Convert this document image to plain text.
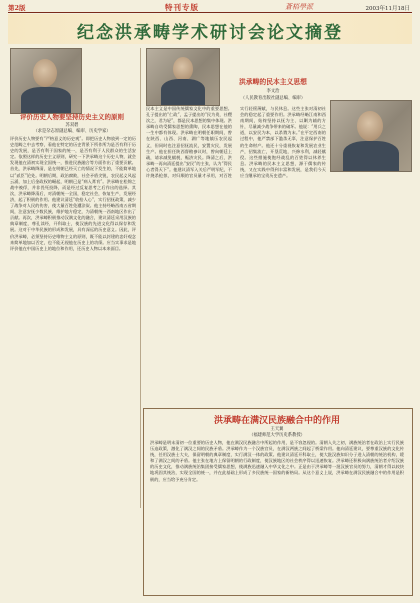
第2版	特刊专版	蒼梧學派	2003年11月18日
纪念洪承畴学术研讨会论文摘登
评价历史人物要坚持历史主义的原则
苏双碧
（求是杂志原副总编、编审、历史学家）
评价历史人物要有“严格意义的历史观”。即把历史人物放到一定的历史范畴之中去考察，看他在特定的历史背景下所作所为是否有利于历史的发展，是否有利于国家的统一，是否有利于人民群众的生活安定。依照这样的历史主义原则，研究一下洪承畴这个历史人物，就会发现他在清初实现全国统一，推进民族融合等方面作出了重要贡献。首先，洪承畴降清，是在明朝已经灭亡的情况下发生的，不能简单地以“贰臣”论处。明朝后期，政治腐败，社会矛盾尖锐，农民起义风起云涌，加上后金政权的崛起，明朝已是“病入膏肓”。洪承畴在松锦之战中被俘，并非畏死投降，而是经过反复思考之后作出的选择。其次，洪承畴降清后，对清朝统一全国，稳定社会，恢复生产，发展经济，起了积极的作用。他建议清廷“收拾人心”，实行招抚政策，减少了战争对人民的伤害，使大量百姓免遭涂炭。他主持经略西南五省期间，注意安抚少数民族，维护地方稳定，为清朝统一西南地区作出了贡献。再次，洪承畴积极推动汉满文化的融合，建议清廷采用汉族的典章制度，尊孔读经，开科取士，使汉族的先进文化得以保存和发展。这对于中华民族的形成和发展，具有深远的历史意义。因此，评价洪承畴，必须坚持历史唯物主义的原则，既不能以封建的忠奸观念来简单地加以否定，也不能无视他在历史上的功绩。应当实事求是地评价他在中国历史上的地位和作用，还历史人物以本来面目。
洪承畴的民本主义思想
李文治
（人民教育出版社副总编、编审）
民本主义是中国传统儒家文化中的重要思想。孔子提出的“仁政”，孟子提出的“民为贵，社稷次之，君为轻”，都是民本思想的集中体现。洪承畴自幼受儒家思想的熏陶，民本思想在他的一生中都有体现。洪承畴在明朝任职期间，曾在陕西、山西、河南、湖广等地镇压农民起义，但同时也注意招抚流民，安置灾民，发展生产。他在担任陕西督粮参议时，曾向朝廷上疏，请求减免赋税，赈济灾民。降清之后，洪承畴一再向清廷提出“安民”的主张，认为“得民心者得天下”。他建议清军入关后严明军纪，不许烧杀抢掠，对归顺的官员量才录用，对百姓实行轻徭薄赋，与民休息。这些主张对清初社会的稳定起了重要作用。洪承畴经略江南和西南期间，始终坚持以抚为主、以剿为辅的方针，尽量减少战争带来的破坏。他说：“用兵之道，以安民为本，以杀戮为末。”在平定西南的过程中，他严禁部下滥杀无辜，注意保护百姓的生命财产。他还十分重视恢复和发展农业生产，招集流亡，开垦荒地，兴修水利，减轻赋役。这些措施使饱经战乱的百姓得以休养生息。洪承畴的民本主义思想，源于儒家的传统，又在实践中得到丰富和发展，是我们今天应当继承的宝贵历史遗产。
洪承畴在满汉民族融合中的作用
王天翼
（福建师范大学历史系教授）
洪承畴是明末清初一位重要的历史人物，他在满汉民族融合中所起的作用，是不容忽视的。清朝入关之初，满族统治者在政治上实行民族压迫政策，激化了满汉之间的民族矛盾。洪承畴作为一个汉族官员，在满汉两族之间起了桥梁作用。他向清廷建议，要尊重汉族的文化传统，任用汉族士大夫，保留明朝的典章制度，实行满汉一体的政策。他建议清廷开科取士，使大批汉族知识分子进入清朝的统治机构，缓和了满汉之间的矛盾。他主张在地方上保留明朝的行政制度，使汉族地区的社会秩序得以迅速恢复。洪承畴还积极向满族统治者介绍汉族的历史文化，推动满族统治集团接受儒家思想，使满族迅速融入中华文化之中。正是由于洪承畴等一批汉族官员的努力，清朝才得以较快地巩固其统治，实现全国的统一，并在此基础上形成了多民族统一国家的新格局。从这个意义上说，洪承畴在满汉民族融合中的作用是积极的，应当给予充分肯定。
